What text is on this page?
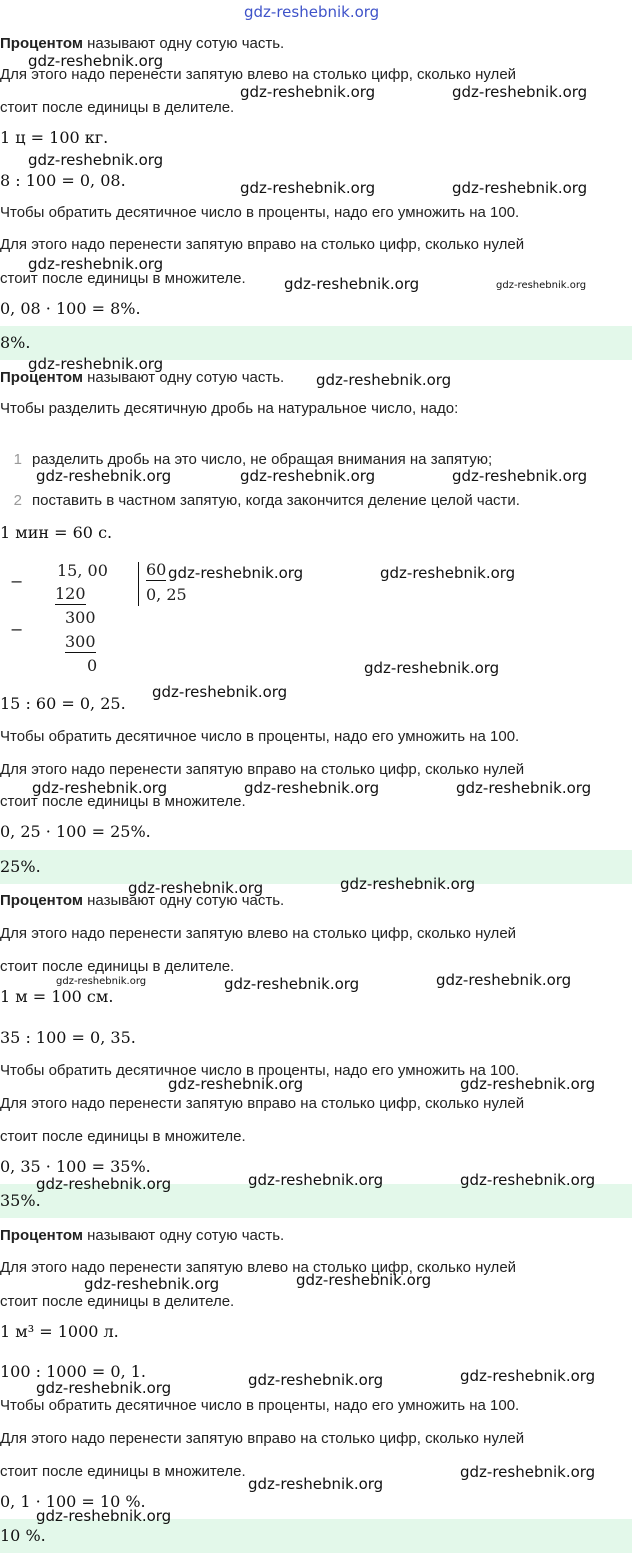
gdz-reshebnik.org
Процентом называют одну сотую часть.
Для этого надо перенести запятую влево на столько цифр, сколько нулей
стоит после единицы в делителе.
1 ц = 100 кг.
8 : 100 = 0, 08.
Чтобы обратить десятичное число в проценты, надо его умножить на 100.
Для этого надо перенести запятую вправо на столько цифр, сколько нулей
стоит после единицы в множителе.
0, 08 · 100 = 8%.
8%.
Процентом называют одну сотую часть.
Чтобы разделить десятичную дробь на натуральное число, надо:
1 разделить дробь на это число, не обращая внимания на запятую;
2 поставить в частном запятую, когда закончится деление целой части.
1 мин = 60 с.
−
15, 00
120
−
300
300
0
60
0, 25
15 : 60 = 0, 25.
Чтобы обратить десятичное число в проценты, надо его умножить на 100.
Для этого надо перенести запятую вправо на столько цифр, сколько нулей
стоит после единицы в множителе.
0, 25 · 100 = 25%.
25%.
Процентом называют одну сотую часть.
Для этого надо перенести запятую влево на столько цифр, сколько нулей
стоит после единицы в делителе.
1 м = 100 см.
35 : 100 = 0, 35.
Чтобы обратить десятичное число в проценты, надо его умножить на 100.
Для этого надо перенести запятую вправо на столько цифр, сколько нулей
стоит после единицы в множителе.
0, 35 · 100 = 35%.
35%.
Процентом называют одну сотую часть.
Для этого надо перенести запятую влево на столько цифр, сколько нулей
стоит после единицы в делителе.
1 м³ = 1000 л.
100 : 1000 = 0, 1.
Чтобы обратить десятичное число в проценты, надо его умножить на 100.
Для этого надо перенести запятую вправо на столько цифр, сколько нулей
стоит после единицы в множителе.
0, 1 · 100 = 10 %.
10 %.
gdz-reshebnik.org
gdz-reshebnik.org	gdz-reshebnik.org
gdz-reshebnik.org
gdz-reshebnik.org	gdz-reshebnik.org
gdz-reshebnik.org
gdz-reshebnik.org	gdz-reshebnik.org
gdz-reshebnik.org
gdz-reshebnik.org
gdz-reshebnik.org	gdz-reshebnik.org	gdz-reshebnik.org
gdz-reshebnik.org	gdz-reshebnik.org
gdz-reshebnik.org
gdz-reshebnik.org
gdz-reshebnik.org	gdz-reshebnik.org	gdz-reshebnik.org
gdz-reshebnik.org	gdz-reshebnik.org
gdz-reshebnik.org	gdz-reshebnik.org	gdz-reshebnik.org
gdz-reshebnik.org	gdz-reshebnik.org
gdz-reshebnik.org	gdz-reshebnik.org	gdz-reshebnik.org
gdz-reshebnik.org	gdz-reshebnik.org
gdz-reshebnik.org	gdz-reshebnik.org	gdz-reshebnik.org
gdz-reshebnik.org
gdz-reshebnik.org
gdz-reshebnik.org
